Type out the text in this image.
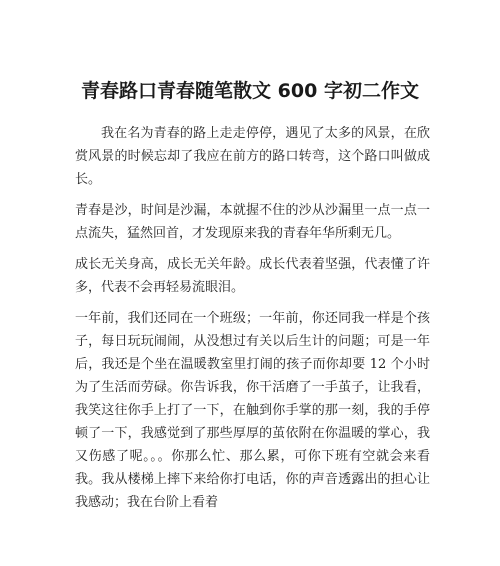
青春路口青春随笔散文 600 字初二作文

我在名为青春的路上走走停停，遇见了太多的风景，在欣赏风景的时候忘却了我应在前方的路口转弯，这个路口叫做成长。

青春是沙，时间是沙漏，本就握不住的沙从沙漏里一点一点一点流失，猛然回首，才发现原来我的青春年华所剩无几。

成长无关身高，成长无关年龄。成长代表着坚强，代表懂了许多，代表不会再轻易流眼泪。

一年前，我们还同在一个班级；一年前，你还同我一样是个孩子，每日玩玩闹闹，从没想过有关以后生计的问题；可是一年后，我还是个坐在温暖教室里打闹的孩子而你却要 12 个小时为了生活而劳碌。你告诉我，你干活磨了一手茧子，让我看，我笑这往你手上打了一下，在触到你手掌的那一刻，我的手停顿了一下，我感觉到了那些厚厚的茧依附在你温暖的掌心，我又伤感了呢。。。你那么忙、那么累，可你下班有空就会来看我。我从楼梯上摔下来给你打电话，你的声音透露出的担心让我感动；我在台阶上看着
